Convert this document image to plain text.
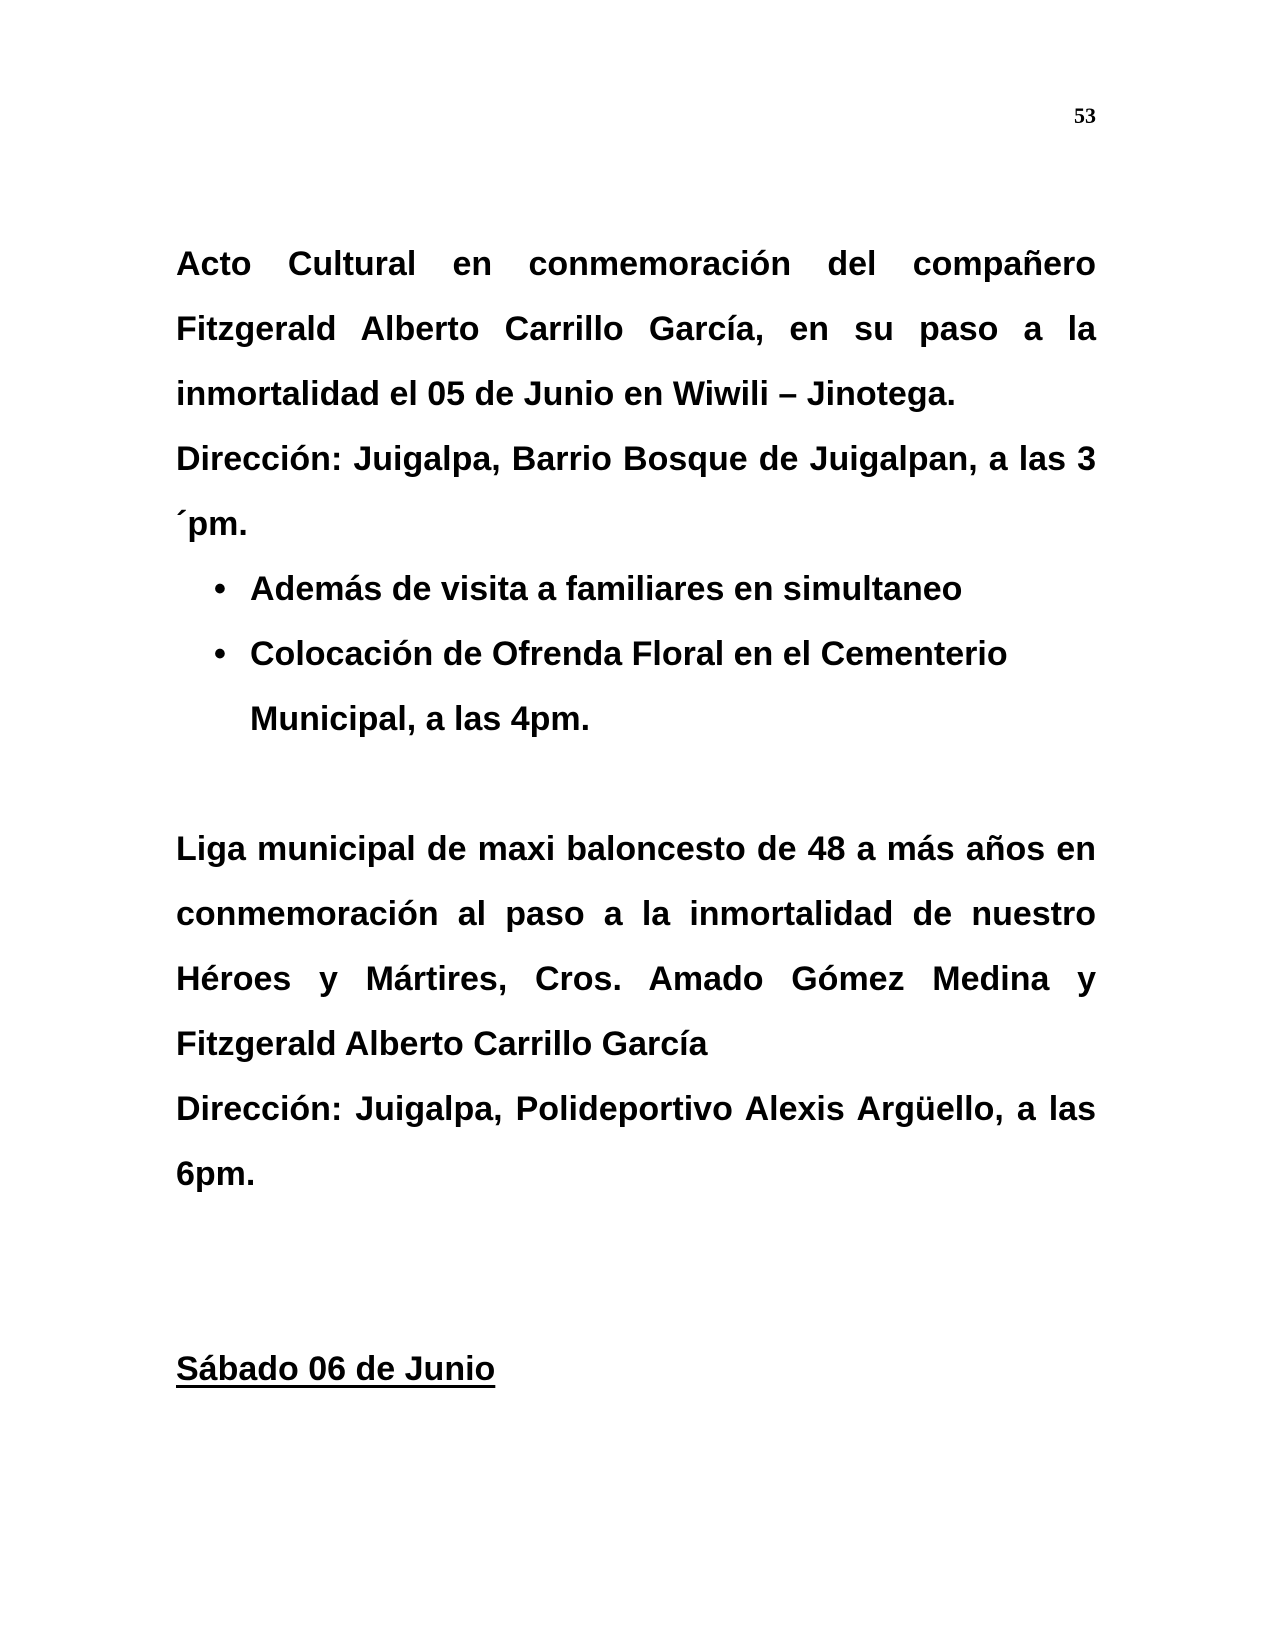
53

Acto Cultural en conmemoración del compañero Fitzgerald Alberto Carrillo García, en su paso a la inmortalidad el 05 de Junio en Wiwili – Jinotega.

Dirección: Juigalpa, Barrio Bosque de Juigalpan, a las 3´pm.

• Además de visita a familiares en simultaneo
• Colocación de Ofrenda Floral en el Cementerio Municipal, a las 4pm.

Liga municipal de maxi baloncesto de 48 a más años en conmemoración al paso a la inmortalidad de nuestro Héroes y Mártires, Cros. Amado Gómez Medina y Fitzgerald Alberto Carrillo García

Dirección: Juigalpa, Polideportivo Alexis Argüello, a las 6pm.

Sábado 06 de Junio
